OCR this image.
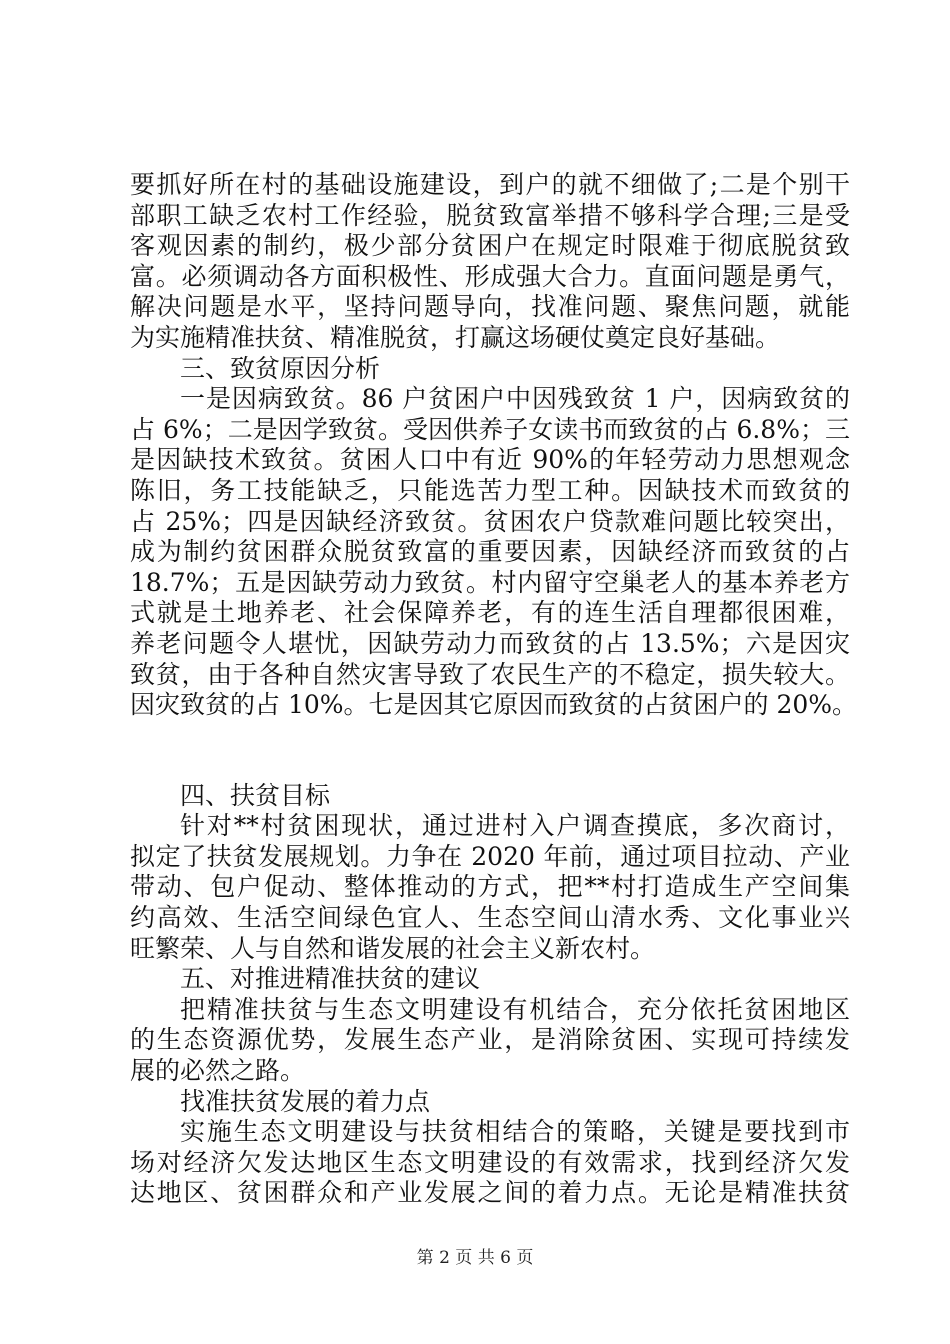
要抓好所在村的基础设施建设，到户的就不细做了;二是个别干
部职工缺乏农村工作经验，脱贫致富举措不够科学合理;三是受
客观因素的制约，极少部分贫困户在规定时限难于彻底脱贫致
富。必须调动各方面积极性、形成强大合力。直面问题是勇气，
解决问题是水平，坚持问题导向，找准问题、聚焦问题，就能
为实施精准扶贫、精准脱贫，打赢这场硬仗奠定良好基础。
三、致贫原因分析
一是因病致贫。86 户贫困户中因残致贫 1 户，因病致贫的
占 6%；二是因学致贫。受因供养子女读书而致贫的占 6.8%；三
是因缺技术致贫。贫困人口中有近 90%的年轻劳动力思想观念
陈旧，务工技能缺乏，只能选苦力型工种。因缺技术而致贫的
占 25%；四是因缺经济致贫。贫困农户贷款难问题比较突出，
成为制约贫困群众脱贫致富的重要因素，因缺经济而致贫的占
18.7%；五是因缺劳动力致贫。村内留守空巢老人的基本养老方
式就是土地养老、社会保障养老，有的连生活自理都很困难，
养老问题令人堪忧，因缺劳动力而致贫的占 13.5%；六是因灾
致贫，由于各种自然灾害导致了农民生产的不稳定，损失较大。
因灾致贫的占 10%。七是因其它原因而致贫的占贫困户的 20%。
四、扶贫目标
针对**村贫困现状，通过进村入户调查摸底，多次商讨，
拟定了扶贫发展规划。力争在 2020 年前，通过项目拉动、产业
带动、包户促动、整体推动的方式，把**村打造成生产空间集
约高效、生活空间绿色宜人、生态空间山清水秀、文化事业兴
旺繁荣、人与自然和谐发展的社会主义新农村。
五、对推进精准扶贫的建议
把精准扶贫与生态文明建设有机结合，充分依托贫困地区
的生态资源优势，发展生态产业，是消除贫困、实现可持续发
展的必然之路。
找准扶贫发展的着力点
实施生态文明建设与扶贫相结合的策略，关键是要找到市
场对经济欠发达地区生态文明建设的有效需求，找到经济欠发
达地区、贫困群众和产业发展之间的着力点。无论是精准扶贫
第 2 页 共 6 页
